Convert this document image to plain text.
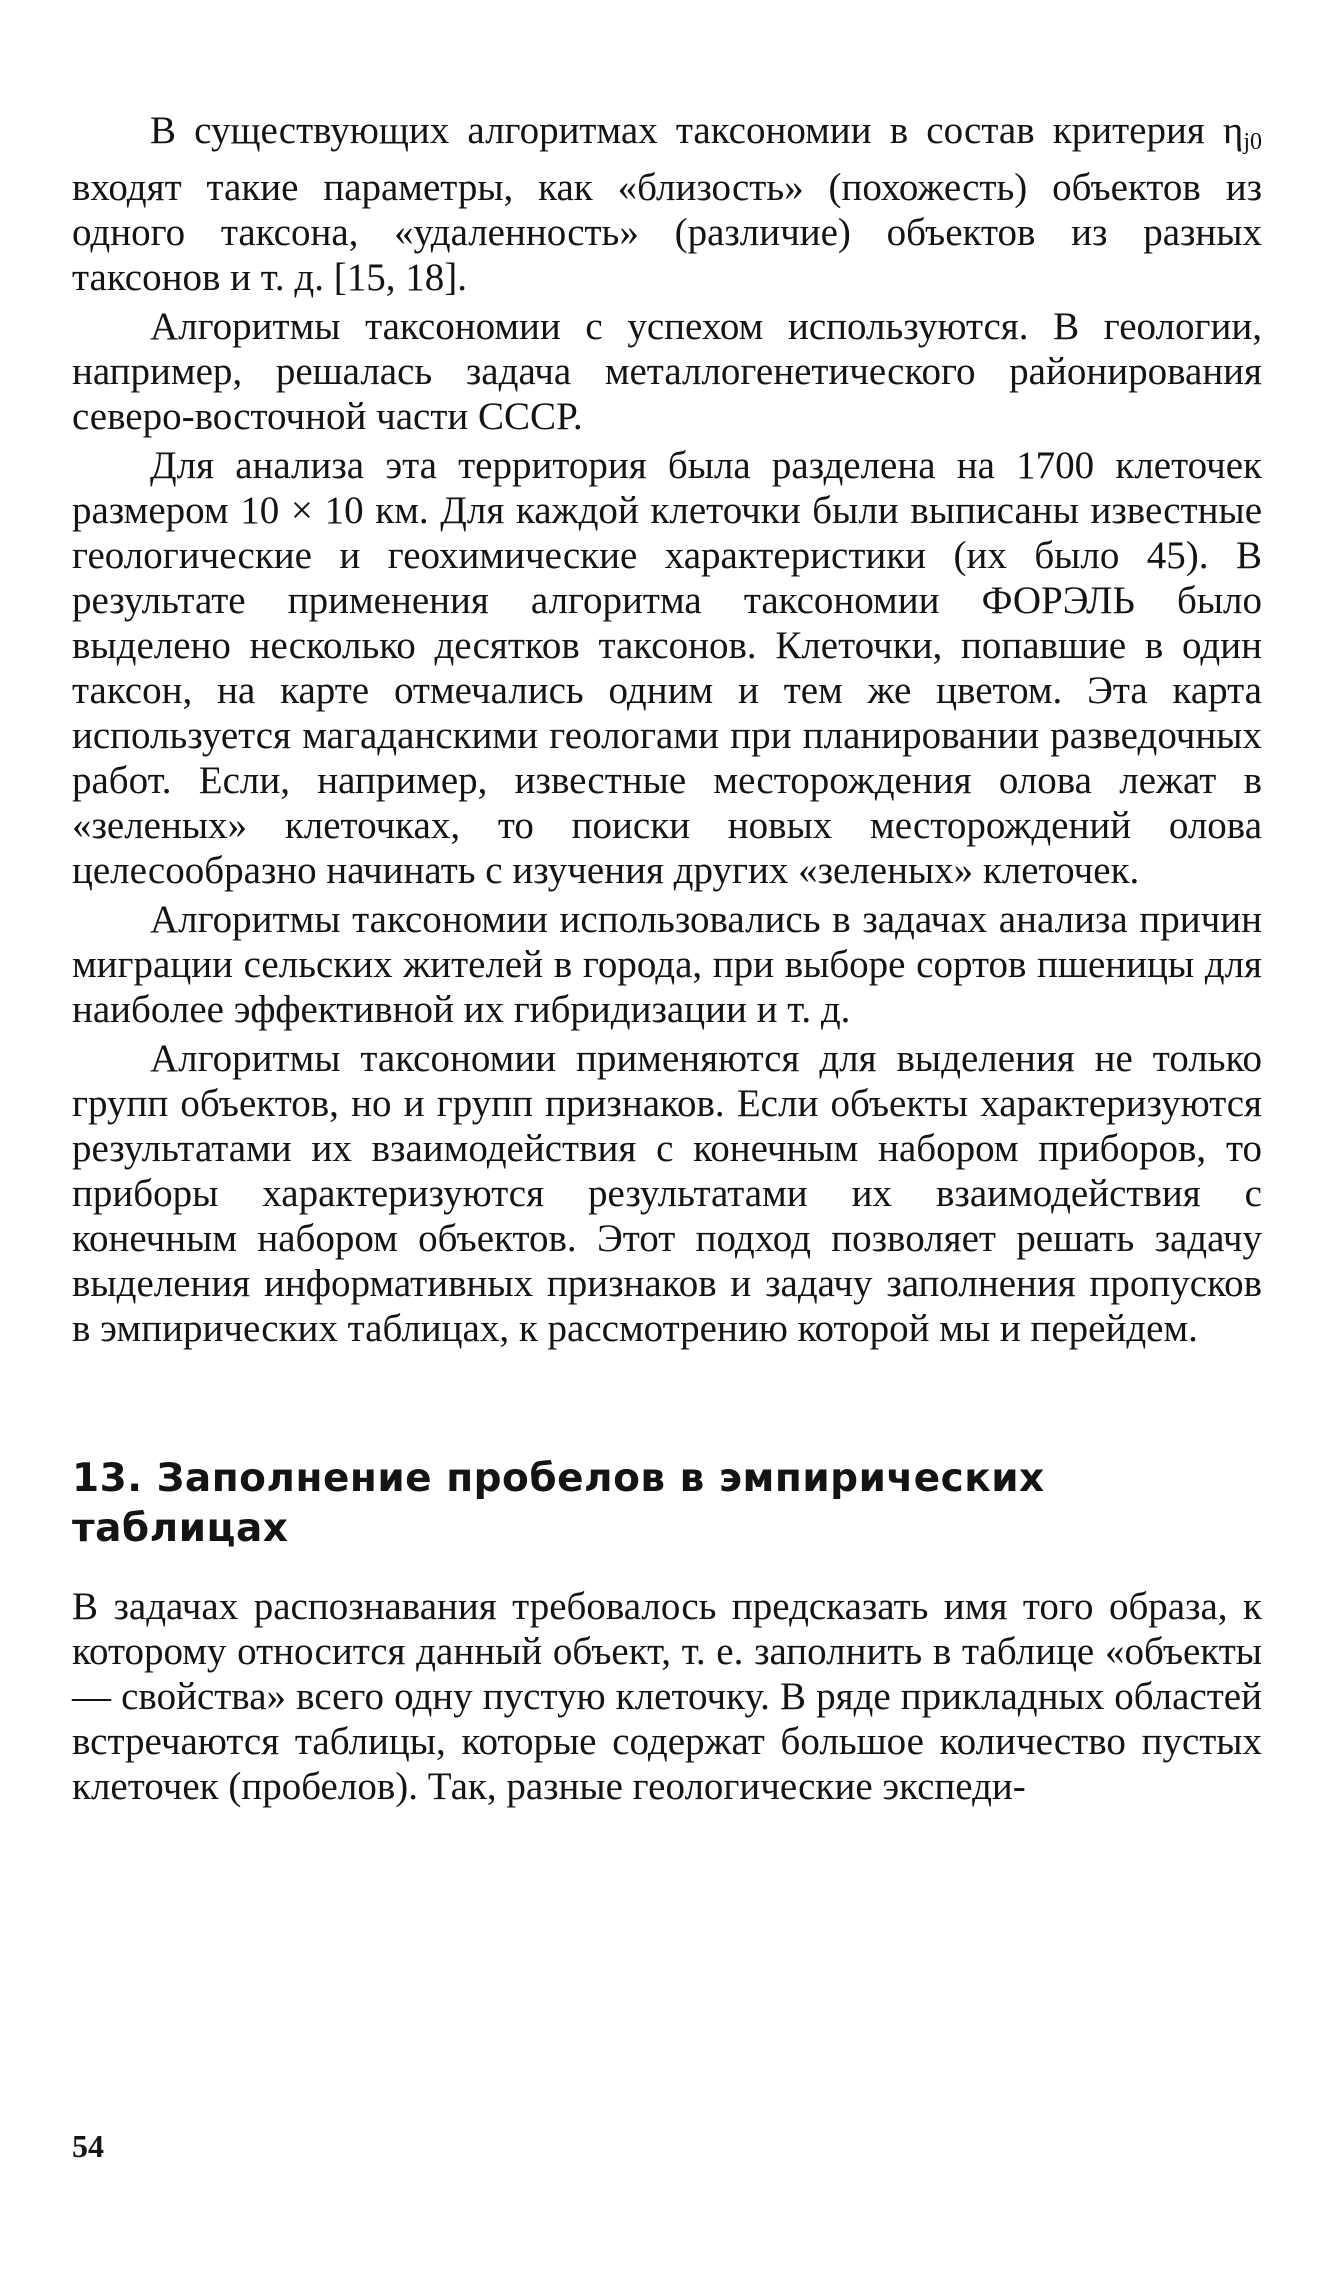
В существующих алгоритмах таксономии в состав критерия $\eta_{j0}$ входят такие параметры, как «близость» (похожесть) объектов из одного таксона, «удаленность» (различие) объектов из разных таксонов и т. д. [15, 18].

Алгоритмы таксономии с успехом используются. В геологии, например, решалась задача металлогенетического районирования северо-восточной части СССР.

Для анализа эта территория была разделена на 1700 клеточек размером 10 × 10 км. Для каждой клеточки были выписаны известные геологические и геохимические характеристики (их было 45). В результате применения алгоритма таксономии ФОРЭЛЬ было выделено несколько десятков таксонов. Клеточки, попавшие в один таксон, на карте отмечались одним и тем же цветом. Эта карта используется магаданскими геологами при планировании разведочных работ. Если, например, известные месторождения олова лежат в «зеленых» клеточках, то поиски новых месторождений олова целесообразно начинать с изучения других «зеленых» клеточек.

Алгоритмы таксономии использовались в задачах анализа причин миграции сельских жителей в города, при выборе сортов пшеницы для наиболее эффективной их гибридизации и т. д.

Алгоритмы таксономии применяются для выделения не только групп объектов, но и групп признаков. Если объекты характеризуются результатами их взаимодействия с конечным набором приборов, то приборы характеризуются результатами их взаимодействия с конечным набором объектов. Этот подход позволяет решать задачу выделения информативных признаков и задачу заполнения пропусков в эмпирических таблицах, к рассмотрению которой мы и перейдем.

13. Заполнение пробелов в эмпирических таблицах

В задачах распознавания требовалось предсказать имя того образа, к которому относится данный объект, т. е. заполнить в таблице «объекты — свойства» всего одну пустую клеточку. В ряде прикладных областей встречаются таблицы, которые содержат большое количество пустых клеточек (пробелов). Так, разные геологические экспеди-

54
